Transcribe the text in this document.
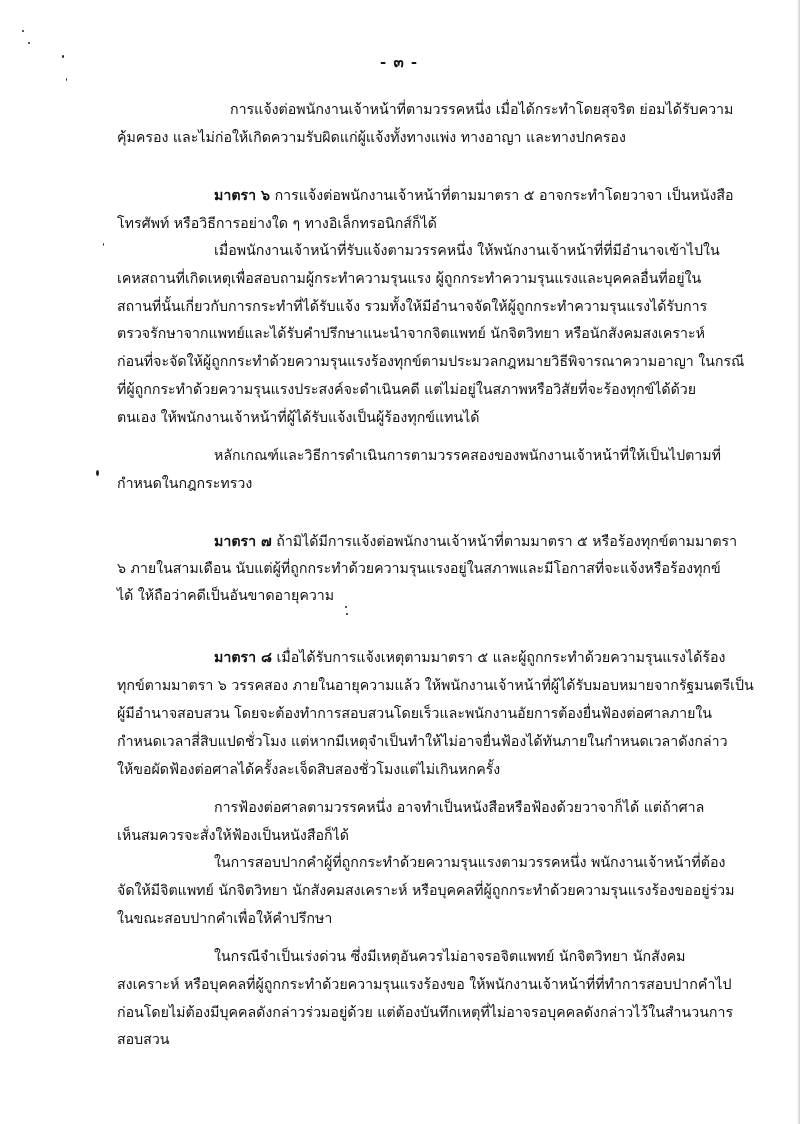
- ๓ -
การแจ้งต่อพนักงานเจ้าหน้าที่ตามวรรคหนึ่ง เมื่อได้กระทำโดยสุจริต ย่อมได้รับความ
คุ้มครอง และไม่ก่อให้เกิดความรับผิดแก่ผู้แจ้งทั้งทางแพ่ง ทางอาญา และทางปกครอง
มาตรา ๖ การแจ้งต่อพนักงานเจ้าหน้าที่ตามมาตรา ๕ อาจกระทำโดยวาจา เป็นหนังสือ
โทรศัพท์ หรือวิธีการอย่างใด ๆ ทางอิเล็กทรอนิกส์ก็ได้
เมื่อพนักงานเจ้าหน้าที่รับแจ้งตามวรรคหนึ่ง ให้พนักงานเจ้าหน้าที่ที่มีอำนาจเข้าไปใน
เคหสถานที่เกิดเหตุเพื่อสอบถามผู้กระทำความรุนแรง ผู้ถูกกระทำความรุนแรงและบุคคลอื่นที่อยู่ใน
สถานที่นั้นเกี่ยวกับการกระทำที่ได้รับแจ้ง รวมทั้งให้มีอำนาจจัดให้ผู้ถูกกระทำความรุนแรงได้รับการ
ตรวจรักษาจากแพทย์และได้รับคำปรึกษาแนะนำจากจิตแพทย์ นักจิตวิทยา หรือนักสังคมสงเคราะห์
ก่อนที่จะจัดให้ผู้ถูกกระทำด้วยความรุนแรงร้องทุกข์ตามประมวลกฎหมายวิธีพิจารณาความอาญา ในกรณี
ที่ผู้ถูกกระทำด้วยความรุนแรงประสงค์จะดำเนินคดี แต่ไม่อยู่ในสภาพหรือวิสัยที่จะร้องทุกข์ได้ด้วย
ตนเอง ให้พนักงานเจ้าหน้าที่ผู้ได้รับแจ้งเป็นผู้ร้องทุกข์แทนได้
หลักเกณฑ์และวิธีการดำเนินการตามวรรคสองของพนักงานเจ้าหน้าที่ให้เป็นไปตามที่
กำหนดในกฎกระทรวง
มาตรา ๗ ถ้ามิได้มีการแจ้งต่อพนักงานเจ้าหน้าที่ตามมาตรา ๕ หรือร้องทุกข์ตามมาตรา
๖ ภายในสามเดือน นับแต่ผู้ที่ถูกกระทำด้วยความรุนแรงอยู่ในสภาพและมีโอกาสที่จะแจ้งหรือร้องทุกข์
ได้ ให้ถือว่าคดีเป็นอันขาดอายุความ
มาตรา ๘ เมื่อได้รับการแจ้งเหตุตามมาตรา ๕ และผู้ถูกกระทำด้วยความรุนแรงได้ร้อง
ทุกข์ตามมาตรา ๖ วรรคสอง ภายในอายุความแล้ว ให้พนักงานเจ้าหน้าที่ผู้ได้รับมอบหมายจากรัฐมนตรีเป็น
ผู้มีอำนาจสอบสวน โดยจะต้องทำการสอบสวนโดยเร็วและพนักงานอัยการต้องยื่นฟ้องต่อศาลภายใน
กำหนดเวลาสี่สิบแปดชั่วโมง แต่หากมีเหตุจำเป็นทำให้ไม่อาจยื่นฟ้องได้ทันภายในกำหนดเวลาดังกล่าว
ให้ขอผัดฟ้องต่อศาลได้ครั้งละเจ็ดสิบสองชั่วโมงแต่ไม่เกินหกครั้ง
การฟ้องต่อศาลตามวรรคหนึ่ง อาจทำเป็นหนังสือหรือฟ้องด้วยวาจาก็ได้ แต่ถ้าศาล
เห็นสมควรจะสั่งให้ฟ้องเป็นหนังสือก็ได้
ในการสอบปากคำผู้ที่ถูกกระทำด้วยความรุนแรงตามวรรคหนึ่ง พนักงานเจ้าหน้าที่ต้อง
จัดให้มีจิตแพทย์ นักจิตวิทยา นักสังคมสงเคราะห์ หรือบุคคลที่ผู้ถูกกระทำด้วยความรุนแรงร้องขออยู่ร่วม
ในขณะสอบปากคำเพื่อให้คำปรึกษา
ในกรณีจำเป็นเร่งด่วน ซึ่งมีเหตุอันควรไม่อาจรอจิตแพทย์ นักจิตวิทยา นักสังคม
สงเคราะห์ หรือบุคคลที่ผู้ถูกกระทำด้วยความรุนแรงร้องขอ ให้พนักงานเจ้าหน้าที่ที่ทำการสอบปากคำไป
ก่อนโดยไม่ต้องมีบุคคลดังกล่าวร่วมอยู่ด้วย แต่ต้องบันทึกเหตุที่ไม่อาจรอบุคคลดังกล่าวไว้ในสำนวนการ
สอบสวน
